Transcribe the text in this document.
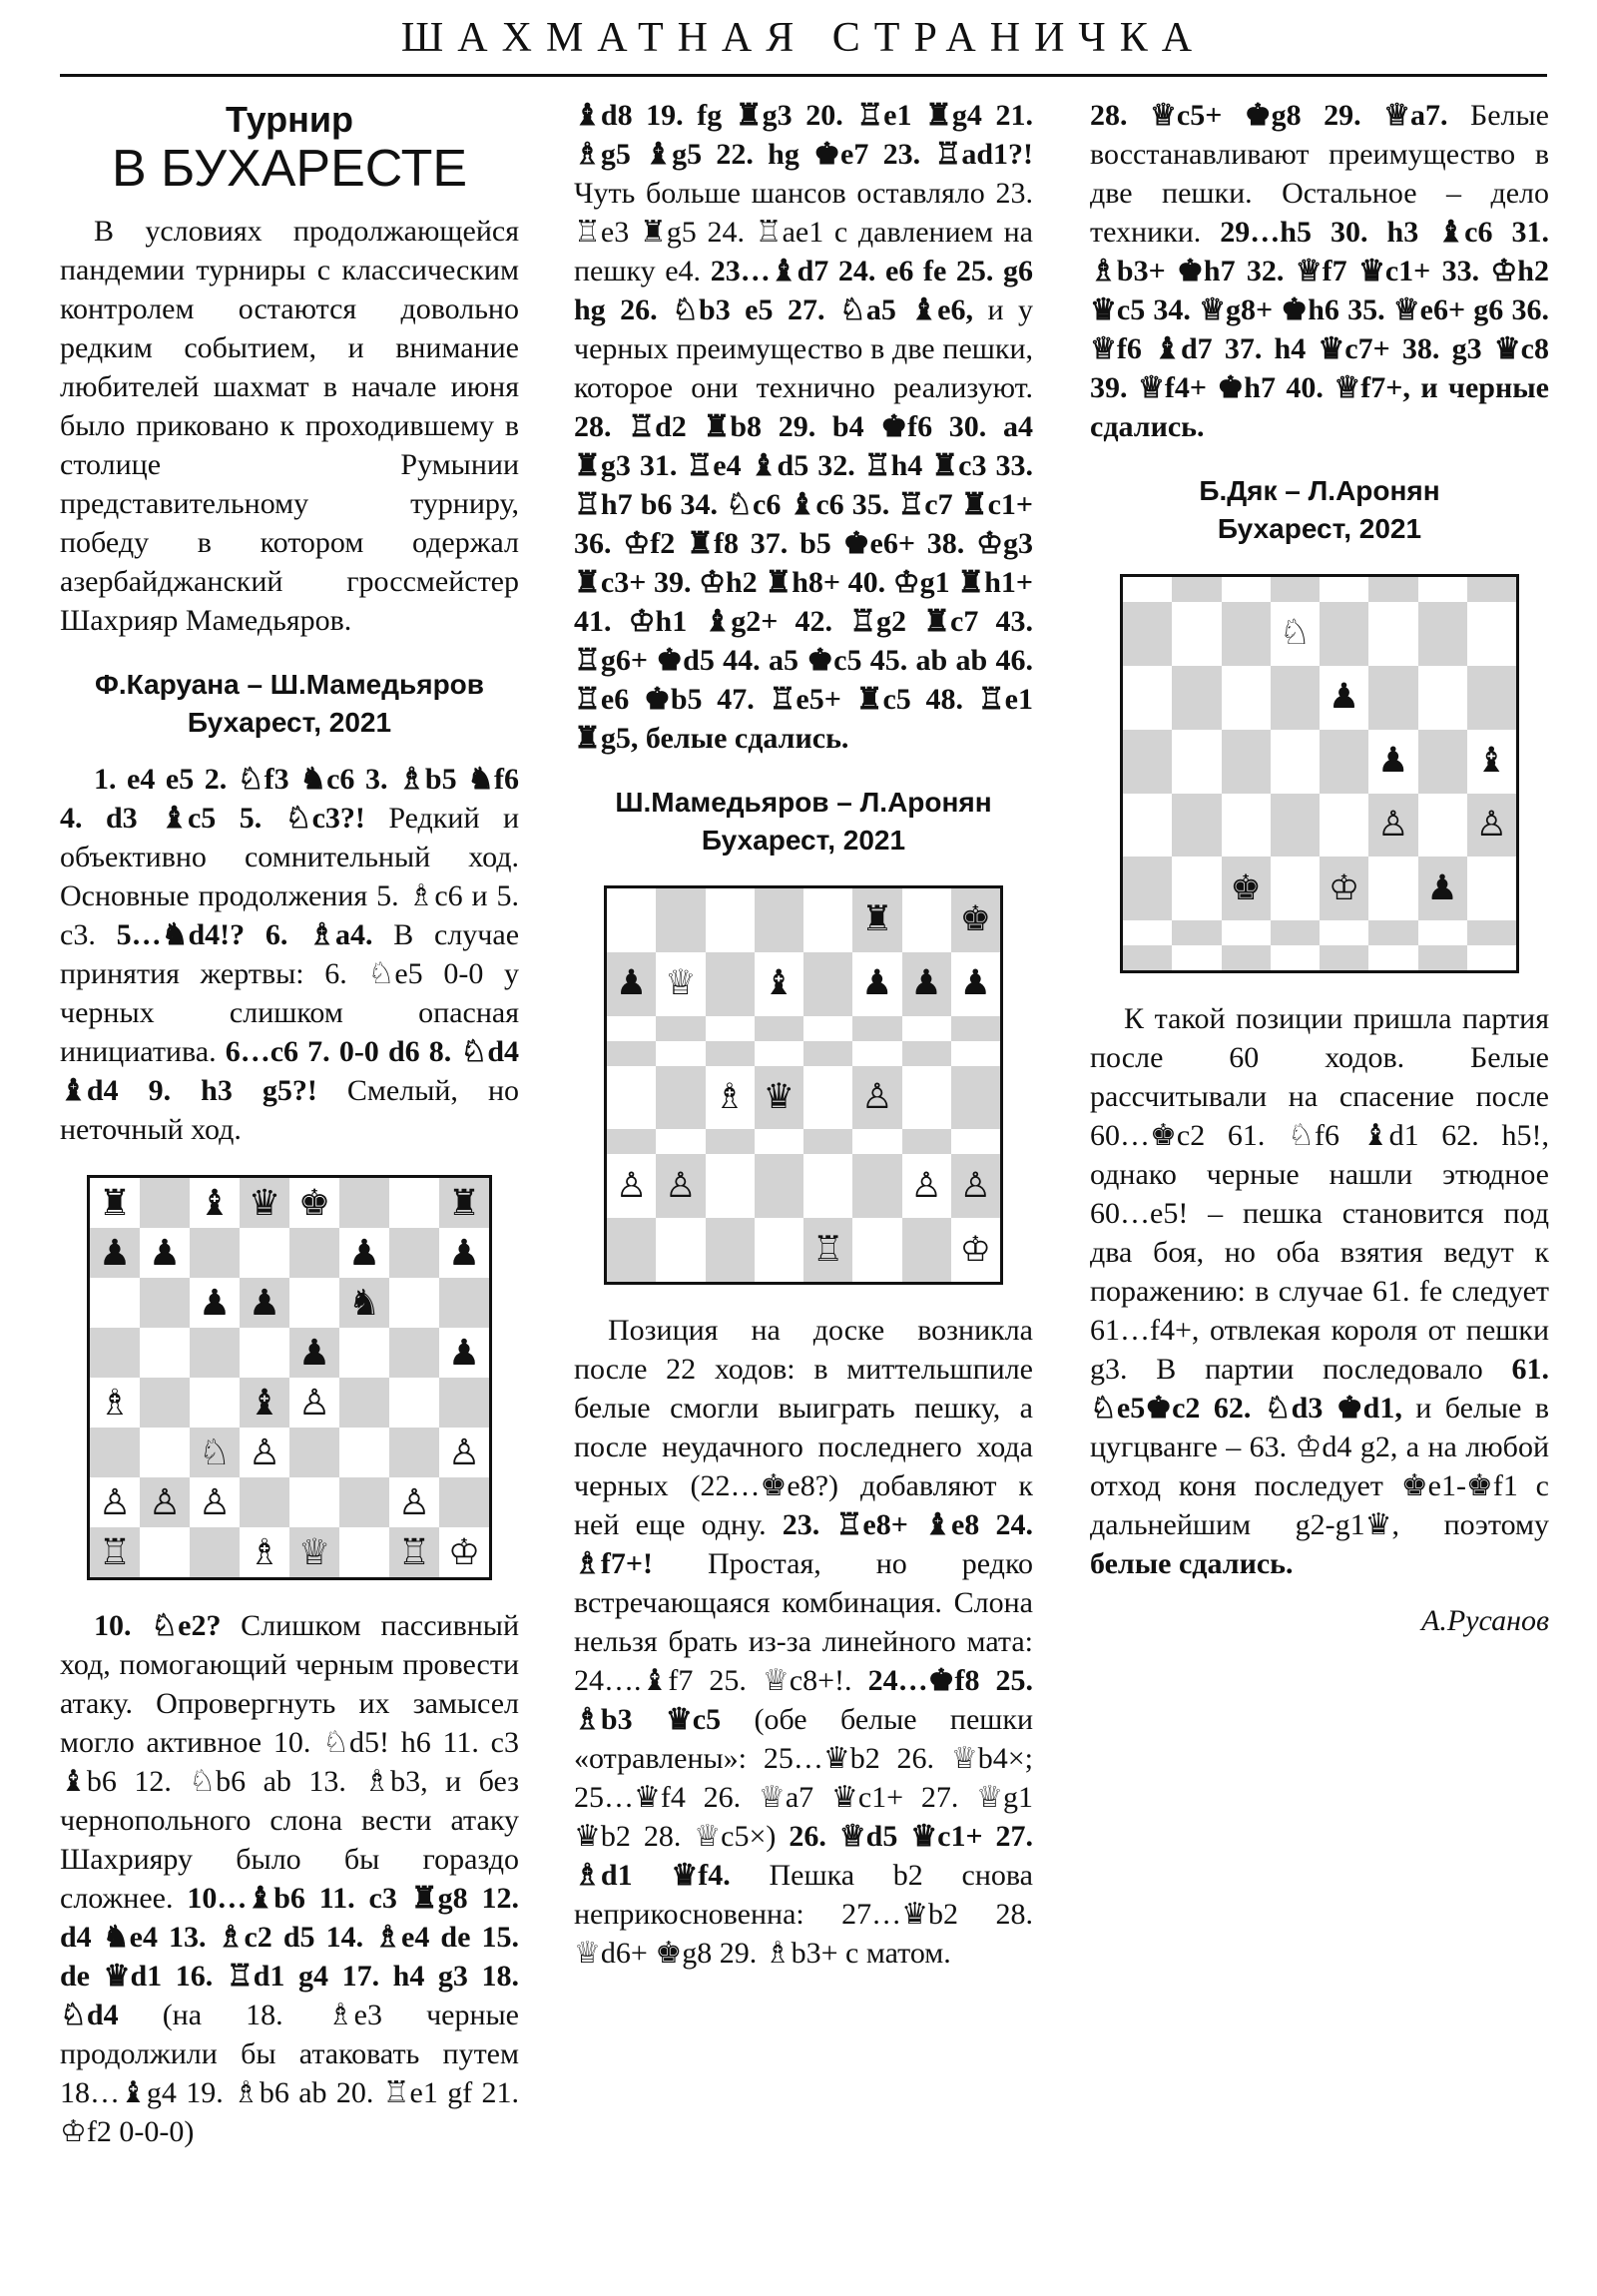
ШАХМАТНАЯ СТРАНИЧКА
Турнир
В БУХАРЕСТЕ

В условиях продолжающейся пандемии турниры с классическим контролем остаются довольно редким событием, и внимание любителей шахмат в начале июня было приковано к проходившему в столице Румынии представительному турниру, победу в котором одержал азербайджанский гроссмейстер Шахрияр Мамедьяров.

Ф.Каруана – Ш.Мамедьяров
Бухарест, 2021

1. e4 e5 2. ♘f3 ♞c6 3. ♗b5 ♞f6 4. d3 ♝c5 5. ♘c3?! Редкий и объективно сомнительный ход. Основные продолжения 5. ♗c6 и 5. c3. 5…♞d4!? 6. ♗a4. В случае принятия жертвы: 6. ♘e5 0-0 у черных слишком опасная инициатива. 6…c6 7. 0-0 d6 8. ♘d4 ♝d4 9. h3 g5?! Смелый, но неточный ход.

♜ ♝ ♛ ♚	♜
♟ ♟	♟ ♟
♟ ♟ ♞
♟	♟
♗	♝ ♙
♘ ♙	♙
♙ ♙ ♙	♙
♖	♗ ♕ ♖ ♔

10. ♘e2? Слишком пассивный ход, помогающий черным провести атаку. Опровергнуть их замысел могло активное 10. ♘d5! h6 11. c3 ♝b6 12. ♘b6 ab 13. ♗b3, и без чернопольного слона вести атаку Шахрияру было бы гораздо сложнее. 10…♝b6 11. c3 ♜g8 12. d4 ♞e4 13. ♗c2 d5 14. ♗e4 de 15. de ♛d1 16. ♖d1 g4 17. h4 g3 18. ♘d4 (на 18. ♗e3 черные продолжили бы атаковать путем 18…♝g4 19. ♗b6 ab 20. ♖e1 gf 21. ♔f2 0-0-0)

♝d8 19. fg ♜g3 20. ♖e1 ♜g4 21. ♗g5 ♝g5 22. hg ♚e7 23. ♖ad1?! Чуть больше шансов оставляло 23. ♖e3 ♜g5 24. ♖ae1 с давлением на пешку e4. 23…♝d7 24. e6 fe 25. g6 hg 26. ♘b3 e5 27. ♘a5 ♝e6, и у черных преимущество в две пешки, которое они технично реализуют. 28. ♖d2 ♜b8 29. b4 ♚f6 30. a4 ♜g3 31. ♖e4 ♝d5 32. ♖h4 ♜c3 33. ♖h7 b6 34. ♘c6 ♝c6 35. ♖c7 ♜c1+ 36. ♔f2 ♜f8 37. b5 ♚e6+ 38. ♔g3 ♜c3+ 39. ♔h2 ♜h8+ 40. ♔g1 ♜h1+ 41. ♔h1 ♝g2+ 42. ♖g2 ♜c7 43. ♖g6+ ♚d5 44. a5 ♚c5 45. ab ab 46. ♖e6 ♚b5 47. ♖e5+ ♜c5 48. ♖e1 ♜g5, белые сдались.

Ш.Мамедьяров – Л.Аронян
Бухарест, 2021
♜ ♚
♟ ♕ ♝ ♟ ♟ ♟
♗ ♛ ♙
♙ ♙	♙ ♙
♖	♔

Позиция на доске возникла после 22 ходов: в миттельшпиле белые смогли выиграть пешку, а после неудачного последнего хода черных (22…♚e8?) добавляют к ней еще одну. 23. ♖e8+ ♝e8 24. ♗f7+! Простая, но редко встречающаяся комбинация. Слона нельзя брать из-за линейного мата: 24….♝f7 25. ♕c8+!. 24…♚f8 25. ♗b3 ♛c5 (обе белые пешки «отравлены»: 25…♛b2 26. ♕b4×; 25…♛f4 26. ♕a7 ♛c1+ 27. ♕g1 ♛b2 28. ♕c5×) 26. ♕d5 ♛c1+ 27. ♗d1 ♛f4. Пешка b2 снова неприкосновенна: 27…♛b2 28. ♕d6+ ♚g8 29. ♗b3+ с матом.

28. ♕c5+ ♚g8 29. ♕a7. Белые восстанавливают преимущество в две пешки. Остальное – дело техники. 29…h5 30. h3 ♝c6 31. ♗b3+ ♚h7 32. ♕f7 ♛c1+ 33. ♔h2 ♛c5 34. ♕g8+ ♚h6 35. ♕e6+ g6 36. ♕f6 ♝d7 37. h4 ♛c7+ 38. g3 ♛c8 39. ♕f4+ ♚h7 40. ♕f7+, и черные сдались.

Б.Дяк – Л.Аронян
Бухарест, 2021
♘
♟
♟ ♝
♙ ♙
♚ ♔ ♟

К такой позиции пришла партия после 60 ходов. Белые рассчитывали на спасение после 60…♚c2 61. ♘f6 ♝d1 62. h5!, однако черные нашли этюдное 60…e5! – пешка становится под два боя, но оба взятия ведут к поражению: в случае 61. fe следует 61…f4+, отвлекая короля от пешки g3. В партии последовало 61. ♘e5♚c2 62. ♘d3 ♚d1, и белые в цугцванге – 63. ♔d4 g2, а на любой отход коня последует ♚e1-♚f1 с дальнейшим g2-g1♛, поэтому белые сдались.

А.Русанов
